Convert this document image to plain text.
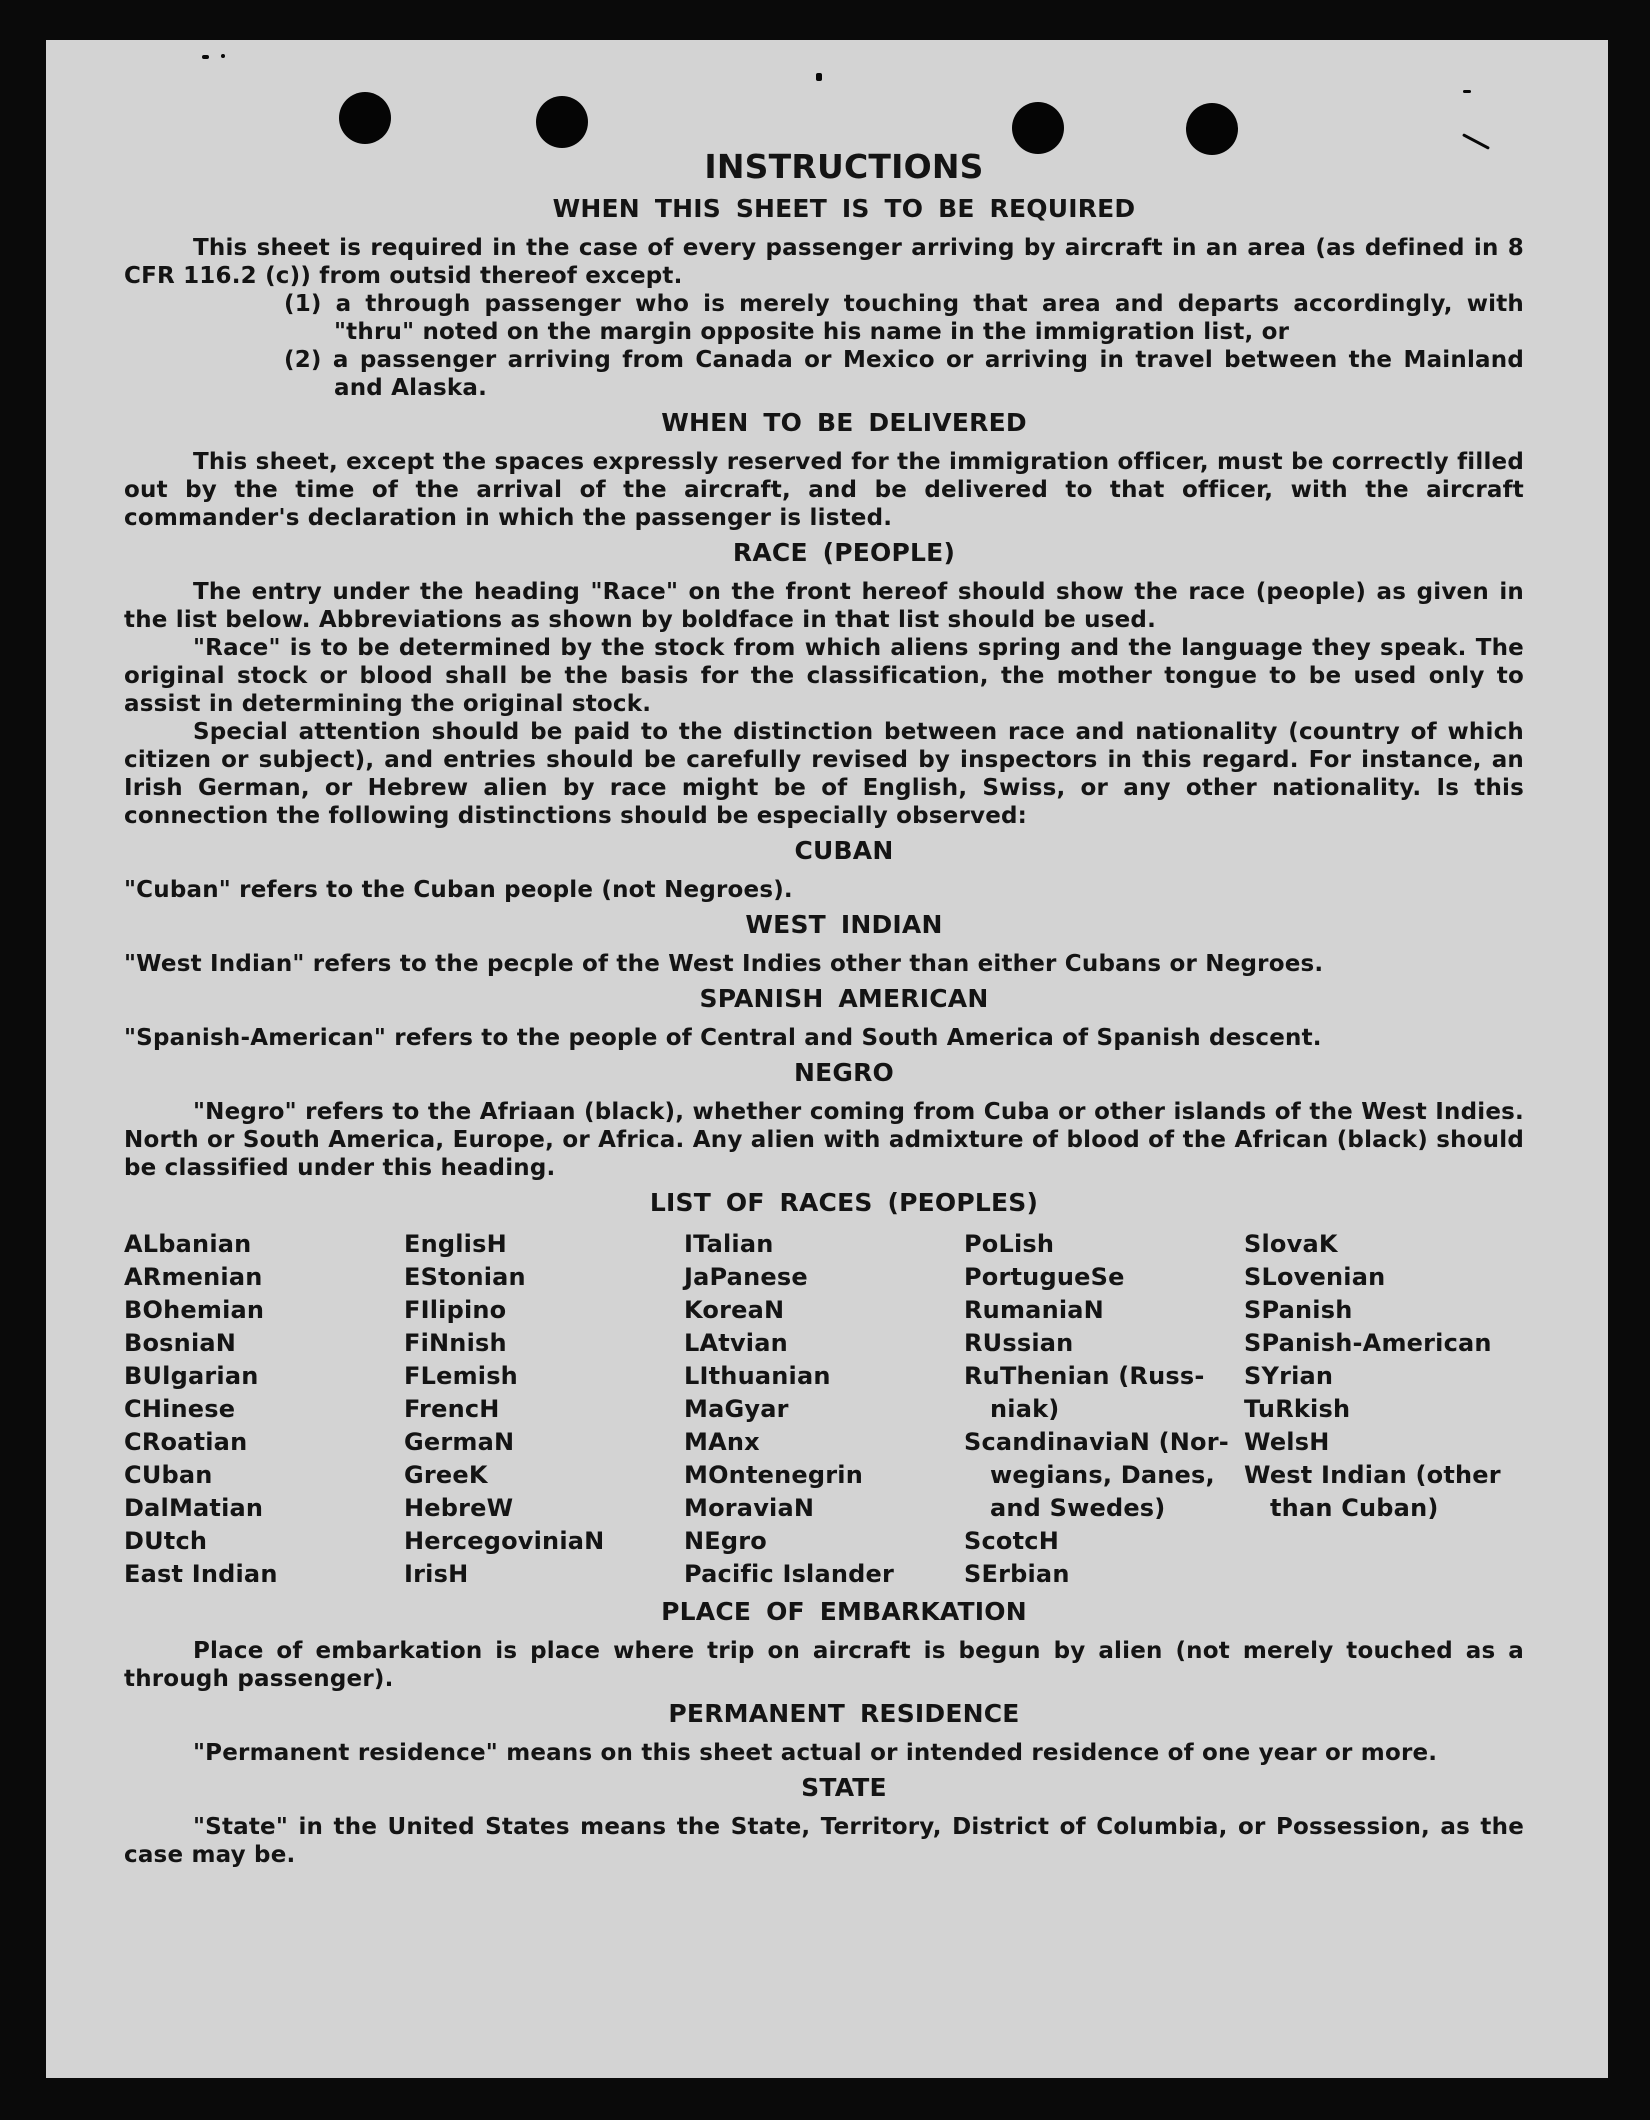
INSTRUCTIONS
WHEN THIS SHEET IS TO BE REQUIRED

This sheet is required in the case of every passenger arriving by aircraft in an area (as defined in 8 CFR 116.2 (c)) from outsid thereof except.

(1) a through passenger who is merely touching that area and departs accordingly, with "thru" noted on the margin opposite his name in the immigration list, or

(2) a passenger arriving from Canada or Mexico or arriving in travel between the Mainland and Alaska.

WHEN TO BE DELIVERED

This sheet, except the spaces expressly reserved for the immigration officer, must be correctly filled out by the time of the arrival of the aircraft, and be delivered to that officer, with the aircraft commander's declaration in which the passenger is listed.

RACE (PEOPLE)

The entry under the heading "Race" on the front hereof should show the race (people) as given in the list below. Abbreviations as shown by boldface in that list should be used.

"Race" is to be determined by the stock from which aliens spring and the language they speak. The original stock or blood shall be the basis for the classification, the mother tongue to be used only to assist in determining the original stock.

Special attention should be paid to the distinction between race and nationality (country of which citizen or subject), and entries should be carefully revised by inspectors in this regard. For instance, an Irish German, or Hebrew alien by race might be of English, Swiss, or any other nationality. Is this connection the following distinctions should be especially observed:

CUBAN

"Cuban" refers to the Cuban people (not Negroes).

WEST INDIAN

"West Indian" refers to the pecple of the West Indies other than either Cubans or Negroes.

SPANISH AMERICAN

"Spanish-American" refers to the people of Central and South America of Spanish descent.

NEGRO

"Negro" refers to the Afriaan (black), whether coming from Cuba or other islands of the West Indies. North or South America, Europe, or Africa. Any alien with admixture of blood of the African (black) should be classified under this heading.

LIST OF RACES (PEOPLES)
ALbanian
ARmenian
BOhemian
BosniaN
BUlgarian
CHinese
CRoatian
CUban
DalMatian
DUtch
East Indian
EnglisH
EStonian
FIlipino
FiNnish
FLemish
FrencH
GermaN
GreeK
HebreW
HercegoviniaN
IrisH
ITalian
JaPanese
KoreaN
LAtvian
LIthuanian
MaGyar
MAnx
MOntenegrin
MoraviaN
NEgro
Pacific Islander
PoLish
PortugueSe
RumaniaN
RUssian
RuThenian (Russ-
niak)
ScandinaviaN (Nor-
wegians, Danes,
and Swedes)
ScotcH
SErbian
SlovaK
SLovenian
SPanish
SPanish-American
SYrian
TuRkish
WelsH
West Indian (other
than Cuban)
PLACE OF EMBARKATION

Place of embarkation is place where trip on aircraft is begun by alien (not merely touched as a through passenger).

PERMANENT RESIDENCE

"Permanent residence" means on this sheet actual or intended residence of one year or more.

STATE

"State" in the United States means the State, Territory, District of Columbia, or Possession, as the case may be.
